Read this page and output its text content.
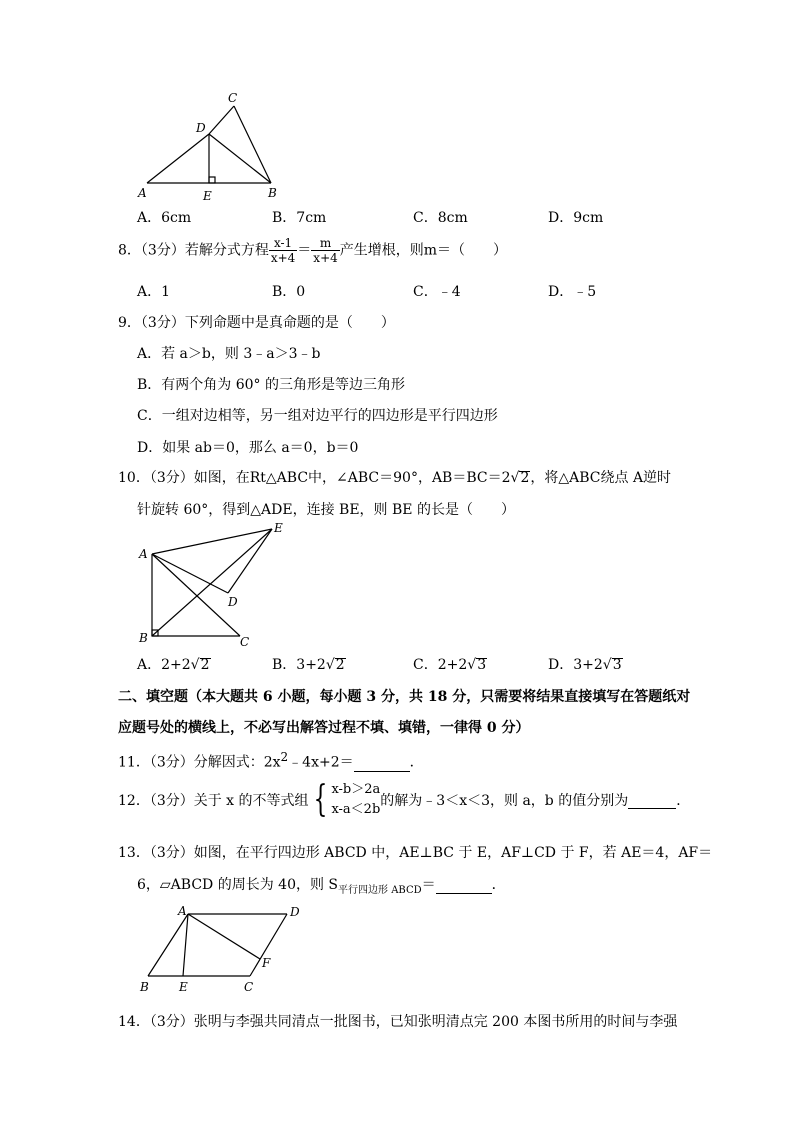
C
D
A	E	B
A．6cm	B．7cm	C．8cm	D．9cm
8．（3分）若解分式方程 $\frac{x-1}{x+4} = \frac{m}{x+4}$ 产生增根，则m＝（　　）
A．1	B．0	C．﹣4	D．﹣5
9．（3分）下列命题中是真命题的是（　　）
A．若 a＞b，则 3﹣a＞3﹣b
B．有两个角为 60° 的三角形是等边三角形
C．一组对边相等，另一组对边平行的四边形是平行四边形
D．如果 ab＝0，那么 a＝0，b＝0
10．（3分）如图，在Rt△ABC中，∠ABC＝90°，AB＝BC＝2√2，将△ABC绕点 A逆时
针旋转 60°，得到△ADE，连接 BE，则 BE 的长是（　　）
A
E
D
B	C
A．2+2√2	B．3+2√2	C．2+2√3	D．3+2√3
二、填空题（本大题共 6 小题，每小题 3 分，共 18 分，只需要将结果直接填写在答题纸对
应题号处的横线上，不必写出解答过程不填、填错，一律得 0 分）
11．（3分）分解因式：$2x^2﹣4x+2=$	．
12．（3分）关于 x 的不等式组 { x-b＞2a
x-a＜2b
的解为﹣3＜x＜3，则 a，b 的值分别为	．
13．（3分）如图，在平行四边形 ABCD 中，AE⊥BC 于 E，AF⊥CD 于 F，若 AE＝4，AF＝
6，▱ABCD 的周长为 40，则 $S_{平行四边形 ABCD}=$	．
A	D
F
B	E	C
14．（3分）张明与李强共同清点一批图书，已知张明清点完 200 本图书所用的时间与李强
